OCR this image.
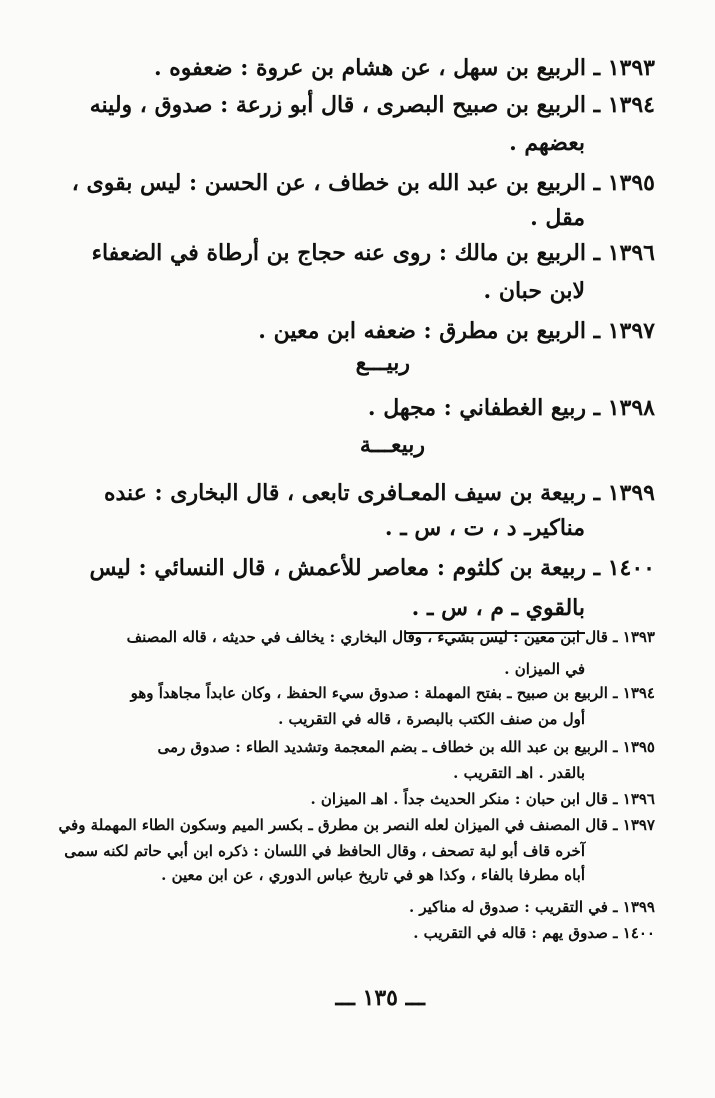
١٣٩٣ ـ الربيع بن سهل ، عن هشام بن عروة : ضعفوه .
١٣٩٤ ـ الربيع بن صبيح البصرى ، قال أبو زرعة : صدوق ، ولينه
بعضهم .
١٣٩٥ ـ الربيع بن عبد الله بن خطاف ، عن الحسن : ليس بقوى ،
مقل .
١٣٩٦ ـ الربيع بن مالك : روى عنه حجاج بن أرطاة في الضعفاء
لابن حبان .
١٣٩٧ ـ الربيع بن مطرق : ضعفه ابن معين .
ربيـــع
١٣٩٨ ـ ربيع الغطفاني : مجهل .
ربيعـــة
١٣٩٩ ـ ربيعة بن سيف المعـافرى تابعى ، قال البخارى : عنده
مناكيرـ د ، ت ، س ـ .
١٤٠٠ ـ ربيعة بن كلثوم : معاصر للأعمش ، قال النسائي : ليس
بالقوي ـ م ، س ـ .
١٣٩٣ ـ قال ابن معين : ليس بشيء ، وقال البخاري : يخالف في حديثه ، قاله المصنف
في الميزان .
١٣٩٤ ـ الربيع بن صبيح ـ بفتح المهملة : صدوق سيء الحفظ ، وكان عابداً مجاهداً وهو
أول من صنف الكتب بالبصرة ، قاله في التقريب .
١٣٩٥ ـ الربيع بن عبد الله بن خطاف ـ بضم المعجمة وتشديد الطاء : صدوق رمى
بالقدر . اهـ التقريب .
١٣٩٦ ـ قال ابن حبان : منكر الحديث جداً . اهـ الميزان .
١٣٩٧ ـ قال المصنف في الميزان لعله النصر بن مطرق ـ بكسر الميم وسكون الطاء المهملة وفي
آخره قاف أبو لبة تصحف ، وقال الحافظ في اللسان : ذكره ابن أبي حاتم لكنه سمى
أباه مطرفا بالفاء ، وكذا هو في تاريخ عباس الدوري ، عن ابن معين .
١٣٩٩ ـ في التقريب : صدوق له مناكير .
١٤٠٠ ـ صدوق يهم : قاله في التقريب .
ـــ ١٣٥ ـــ
